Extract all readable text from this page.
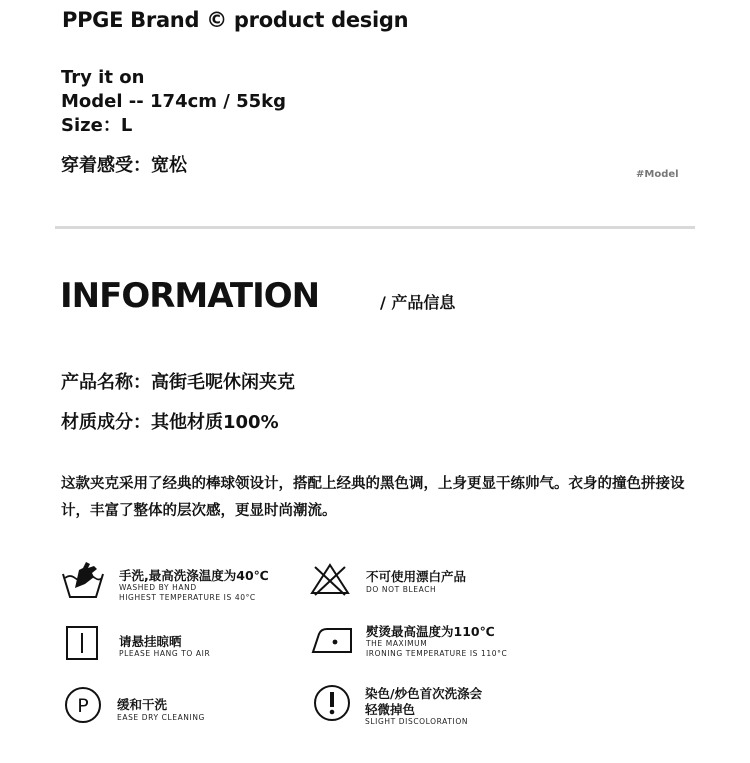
PPGE Brand © product design
Try it on
Model -- 174cm / 55kg
Size：L
穿着感受：宽松	#Model
INFORMATION	/ 产品信息
产品名称：高街毛呢休闲夹克
材质成分：其他材质100%
这款夹克采用了经典的棒球领设计，搭配上经典的黑色调，上身更显干练帅气。衣身的撞色拼接设计，丰富了整体的层次感，更显时尚潮流。
手洗,最高洗涤温度为40℃
WASHED BY HAND
HIGHEST TEMPERATURE IS 40°C
不可使用漂白产品
DO NOT BLEACH
请悬挂晾晒
PLEASE HANG TO AIR
熨烫最高温度为110℃
THE MAXIMUM
IRONING TEMPERATURE IS 110°C
P 缓和干洗
EASE DRY CLEANING
染色/炒色首次洗涤会
轻微掉色
SLIGHT DISCOLORATION
